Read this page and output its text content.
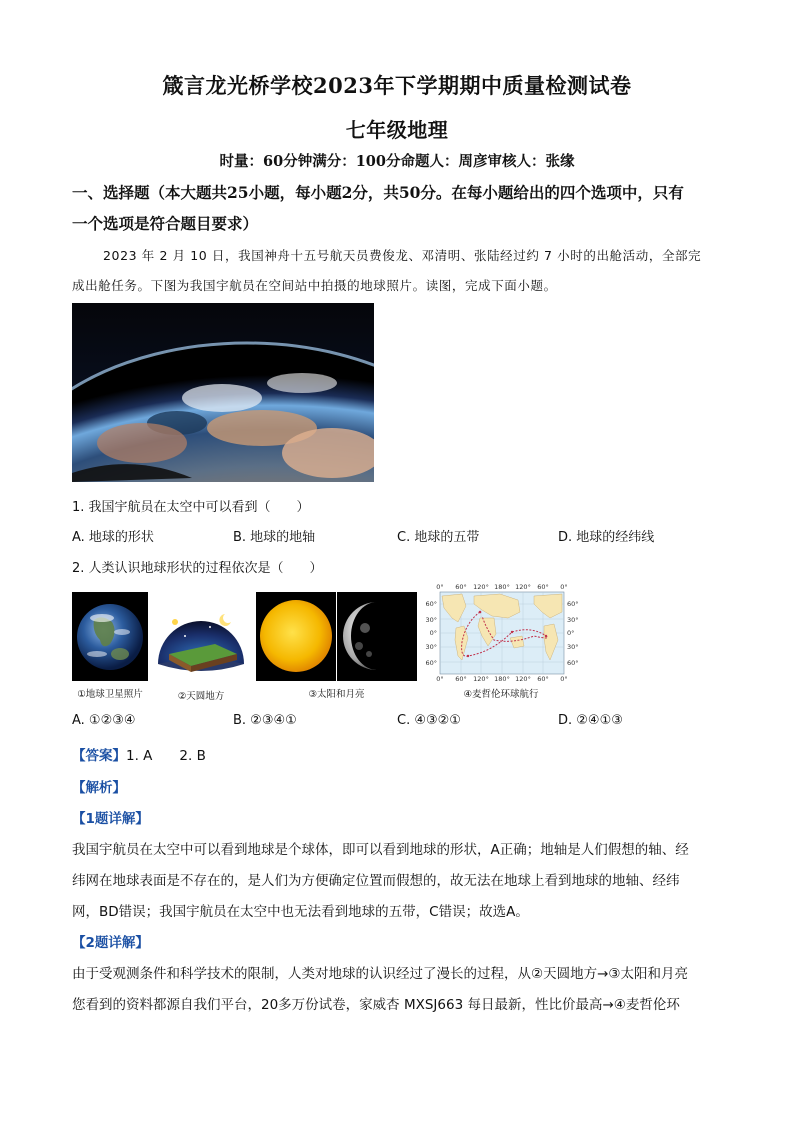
箴言龙光桥学校2023年下学期期中质量检测试卷
七年级地理
时量：60分钟满分：100分命题人：周彦审核人：张缘
一、选择题（本大题共25小题，每小题2分，共50分。在每小题给出的四个选项中，只有
一个选项是符合题目要求）
2023 年 2 月 10 日，我国神舟十五号航天员费俊龙、邓清明、张陆经过约 7 小时的出舱活动，全部完
成出舱任务。下图为我国宇航员在空间站中拍摄的地球照片。读图，完成下面小题。
1. 我国宇航员在太空中可以看到（　　）
A. 地球的形状	B. 地球的地轴	C. 地球的五带	D. 地球的经纬线
2. 人类认识地球形状的过程依次是（　　）
①地球卫星照片	②天圆地方	③太阳和月亮
0° 60° 120° 180° 120° 60° 0°
60°
30°
0°
30°
60°
60°
30°
0°
30°
60°
0° 60° 120° 180° 120° 60° 0°
④麦哲伦环球航行
A. ①②③④	B. ②③④①	C. ④③②①	D. ②④①③
【答案】1. A　　2. B
【解析】
【1题详解】
我国宇航员在太空中可以看到地球是个球体，即可以看到地球的形状，A正确；地轴是人们假想的轴、经
纬网在地球表面是不存在的，是人们为方便确定位置而假想的，故无法在地球上看到地球的地轴、经纬
网，BD错误；我国宇航员在太空中也无法看到地球的五带，C错误；故选A。
【2题详解】
由于受观测条件和科学技术的限制，人类对地球的认识经过了漫长的过程，从②天圆地方→③太阳和月亮
您看到的资料都源自我们平台，20多万份试卷，家威杏 MXSJ663 每日最新，性比价最高→④麦哲伦环
